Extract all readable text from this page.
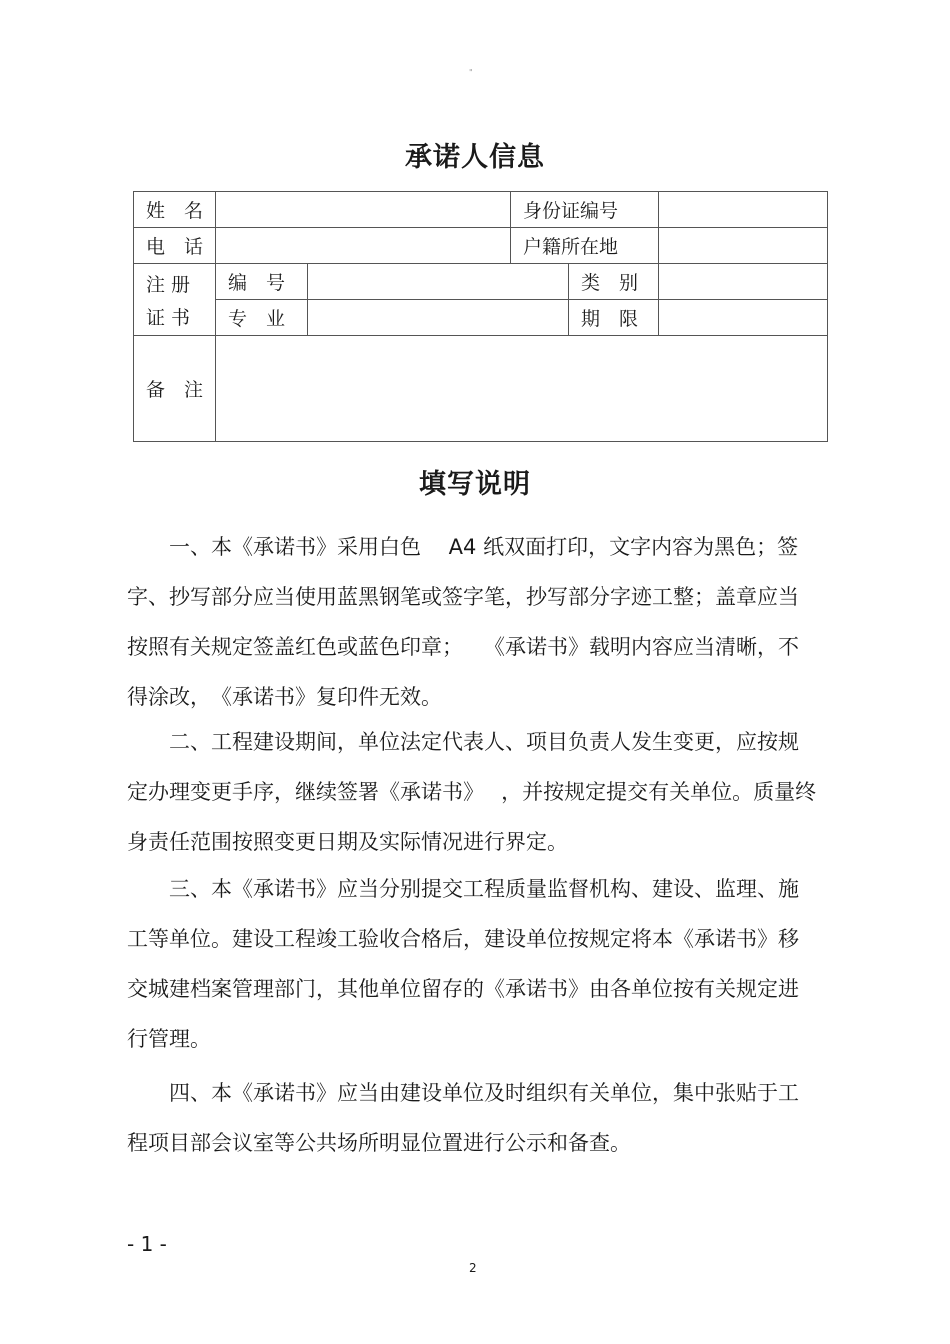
"
承诺人信息
姓　名			身份证编号		
电　话			户籍所在地		

注 册
证 书	编　号			类　别	
	专　业			期　限	
备　注					
填写说明

一、本《承诺书》采用白色　 A4 纸双面打印，文字内容为黑色；签字、抄写部分应当使用蓝黑钢笔或签字笔，抄写部分字迹工整；盖章应当按照有关规定签盖红色或蓝色印章；　　《承诺书》载明内容应当清晰，不得涂改，　《承诺书》复印件无效。

二、工程建设期间，单位法定代表人、项目负责人发生变更，应按规定办理变更手序，继续签署《承诺书》　 ，并按规定提交有关单位。质量终身责任范围按照变更日期及实际情况进行界定。

三、本《承诺书》应当分别提交工程质量监督机构、建设、监理、施工等单位。建设工程竣工验收合格后，建设单位按规定将本《承诺书》移交城建档案管理部门，其他单位留存的《承诺书》由各单位按有关规定进行管理。

四、本《承诺书》应当由建设单位及时组织有关单位，集中张贴于工程项目部会议室等公共场所明显位置进行公示和备查。

- 1 -
2
